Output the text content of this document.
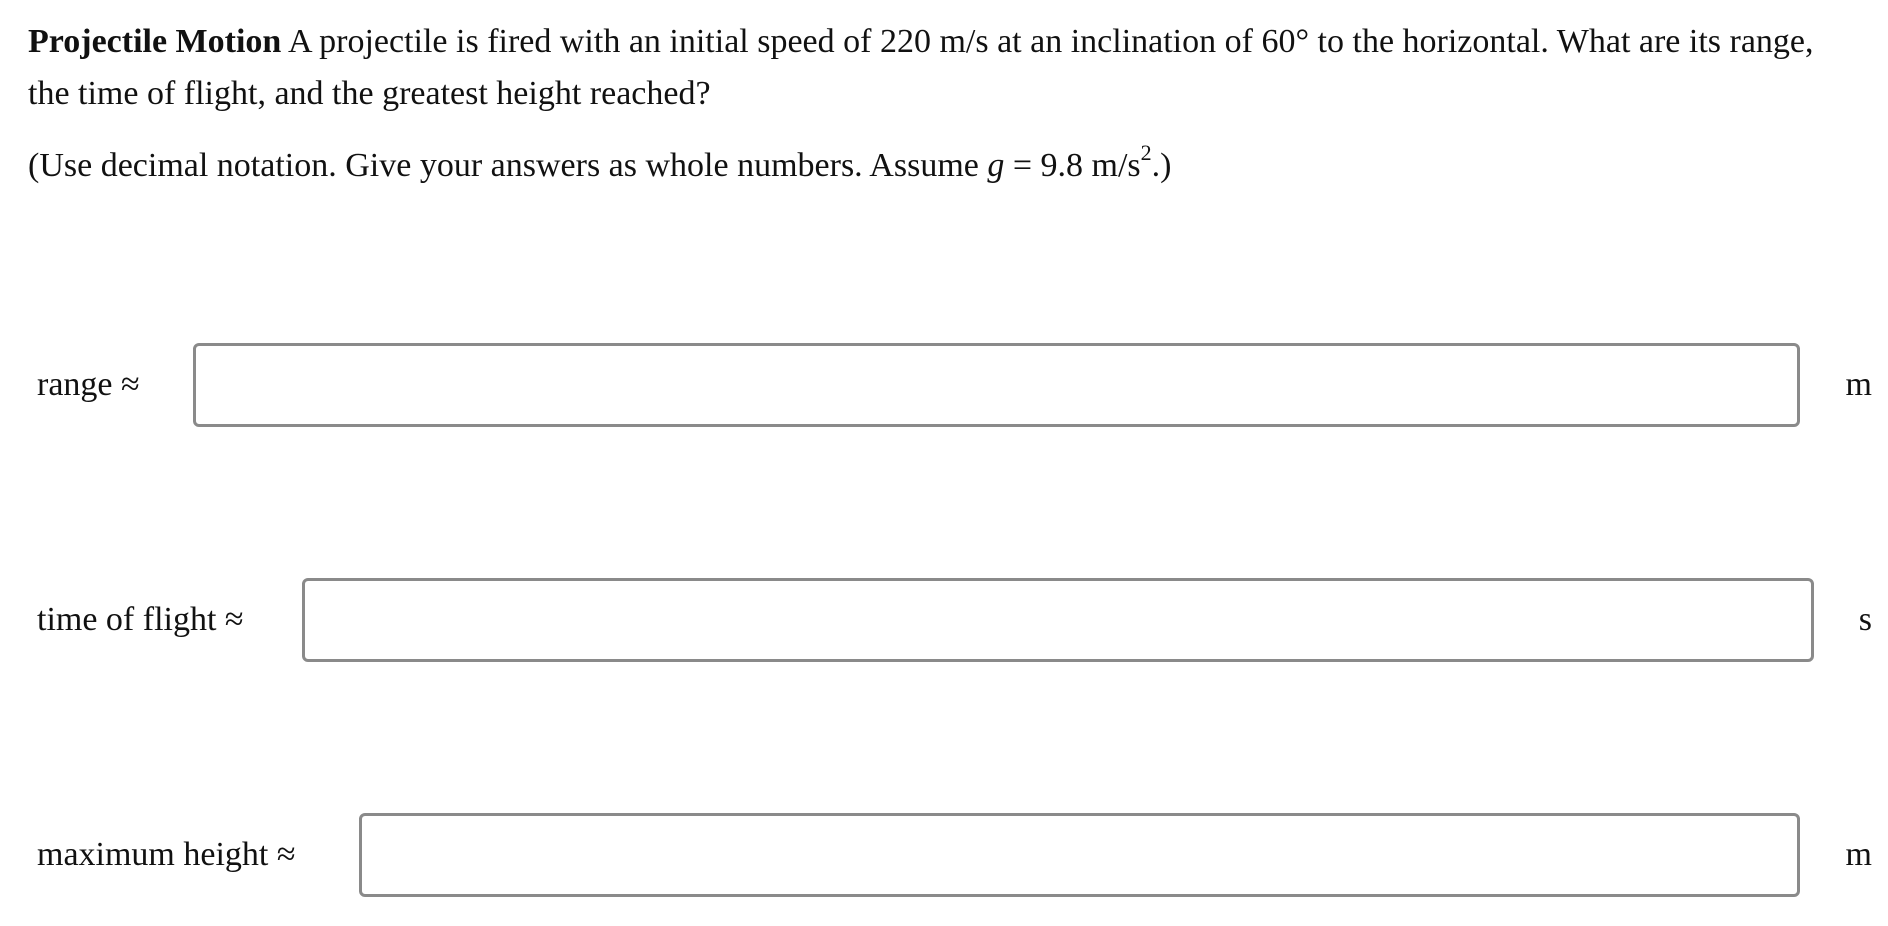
Projectile Motion A projectile is fired with an initial speed of 220 m/s at an inclination of 60° to the horizontal. What are its range, the time of flight, and the greatest height reached?

(Use decimal notation. Give your answers as whole numbers. Assume g = 9.8 $m/s^2$.)

range ≈	m
time of flight ≈	s
maximum height ≈	m
